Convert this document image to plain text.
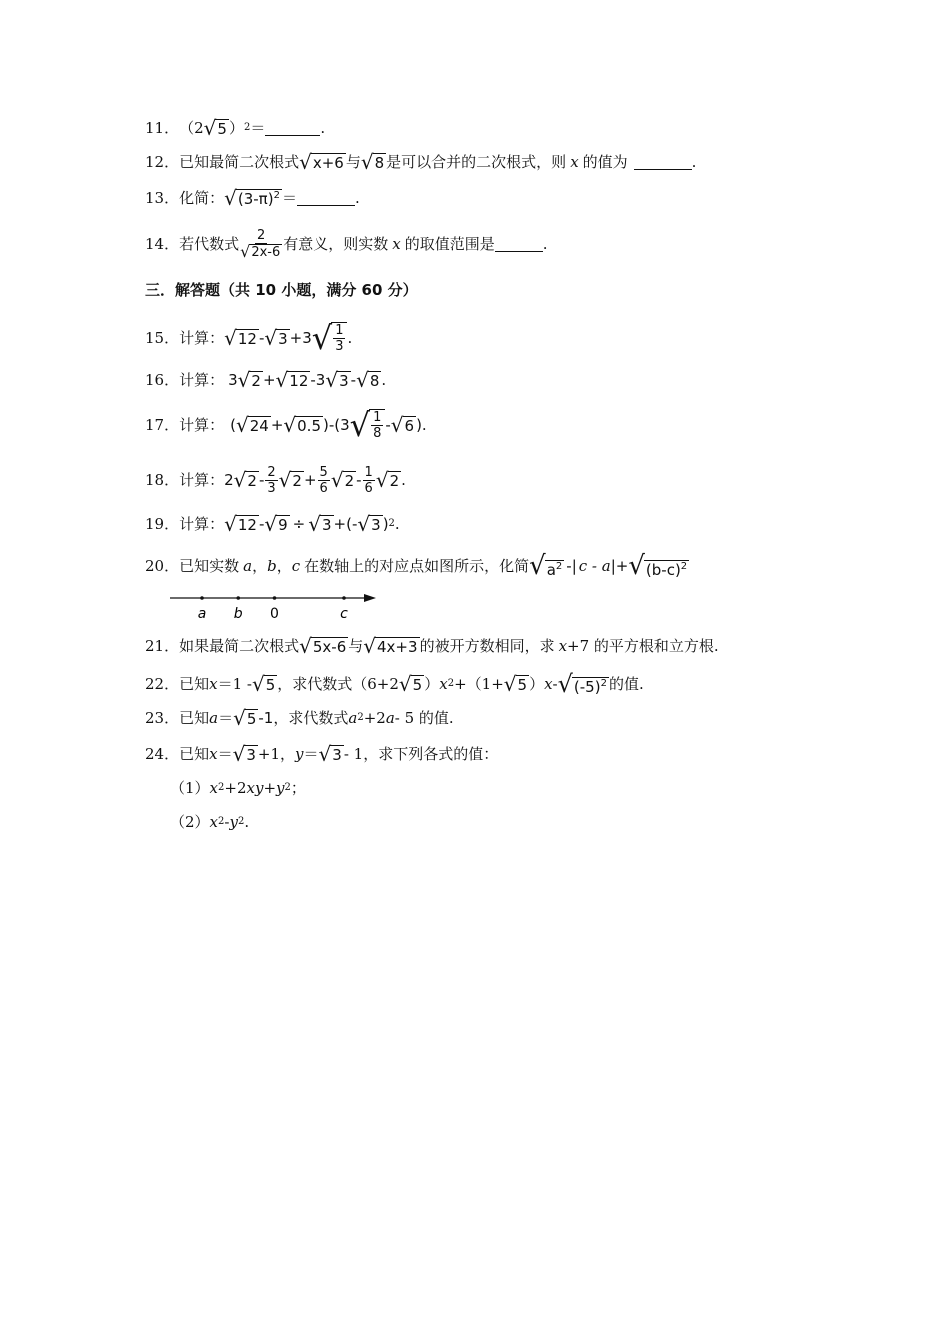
11． （2 √ 5 ） 2 ＝	.
12． 已知最简二次根式 √ x+6 与 √ 8 是可以合并的二次根式，则 x 的值为	.
13． 化简： √ $(3-\pi)^2$ ＝	.
14． 若代数式 $\frac{2}{√ 2x-6}$ 有意义，则实数 x 的取值范围是	.
三．解答题（共 10 小题，满分 60 分）
15． 计算： √ 12 - √ 3 +3 √ $\frac{1}{3}$ .
16． 计算： 3 √ 2 + √ 12 -3 √ 3 - √ 8 .
17． 计算： ( √ 24 + √ 0.5 )-(3 √ $\frac{1}{8}$ - √ 6 ) .
18． 计算： 2 √ $2 - \frac{2}{3}$ √ $2 + \frac{5}{6}$ √ $2 - \frac{1}{6}$ √ 2 .
19． 计算： √ 12 - √ 9 ÷ √ 3 +(- √ 3 ) 2 .
20． 已知实数 a ， b ， c 在数轴上的对应点如图所示，化简 √ $a^2$ -| c - a |+ √ $(b-c)^2$
a b 0	c
21． 如果最简二次根式 √ 5x-6 与 √ 4x+3 的被开方数相同，求 x +7 的平方根和立方根.
22． 已知 x ＝1 - √ 5 ，求代数式（6+2 √ 5 ） x 2 +（1+ √ 5 ） x - √ $(-5)^2$ 的值.
23． 已知 a ＝ √ 5 -1 ，求代数式 a 2 +2 a - 5 的值.
24． 已知 x ＝ √ 3 +1， y ＝ √ 3 - 1，求下列各式的值：
（1） x 2 +2 xy + y 2 ；
（2） x 2 - y 2 .
